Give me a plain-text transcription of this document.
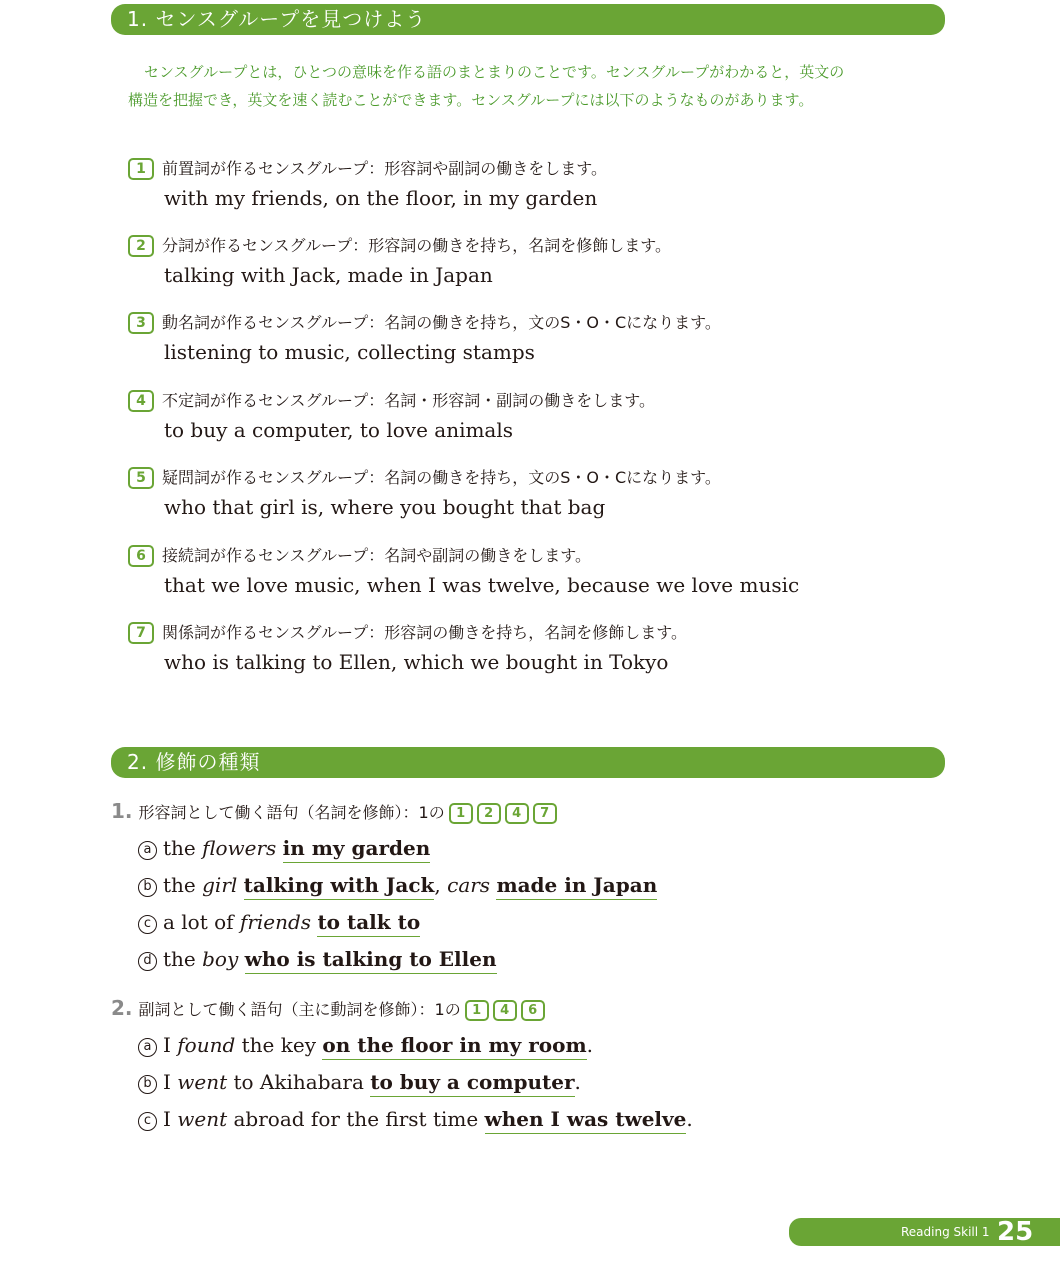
1. センスグループを見つけよう

センスグループとは，ひとつの意味を作る語のまとまりのことです。センスグループがわかると，英文の

構造を把握でき，英文を速く読むことができます。センスグループには以下のようなものがあります。
1 前置詞が作るセンスグループ：形容詞や副詞の働きをします。
with my friends, on the floor, in my garden
2 分詞が作るセンスグループ：形容詞の働きを持ち，名詞を修飾します。
talking with Jack, made in Japan
3 動名詞が作るセンスグループ：名詞の働きを持ち，文のS・O・Cになります。
listening to music, collecting stamps
4 不定詞が作るセンスグループ：名詞・形容詞・副詞の働きをします。
to buy a computer, to love animals
5 疑問詞が作るセンスグループ：名詞の働きを持ち，文のS・O・Cになります。
who that girl is, where you bought that bag
6 接続詞が作るセンスグループ：名詞や副詞の働きをします。
that we love music, when I was twelve, because we love music
7 関係詞が作るセンスグループ：形容詞の働きを持ち，名詞を修飾します。
who is talking to Ellen, which we bought in Tokyo
2. 修飾の種類
1. 形容詞として働く語句（名詞を修飾）：1の 1 2 4 7
a the flowers in my garden
b the girl talking with Jack, cars made in Japan
c a lot of friends to talk to
d the boy who is talking to Ellen
2. 副詞として働く語句（主に動詞を修飾）：1の 1 4 6
a I found the key on the floor in my room.
b I went to Akihabara to buy a computer.
c I went abroad for the first time when I was twelve.
Reading Skill 1 25
